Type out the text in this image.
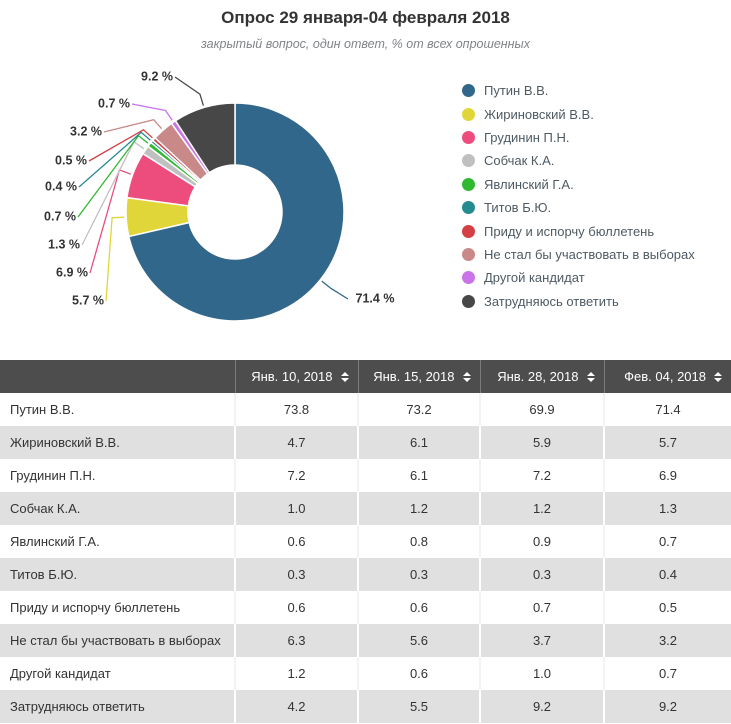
Опрос 29 января-04 февраля 2018
закрытый вопрос, один ответ, % от всех опрошенных
71.4 %
5.7 %
6.9 %
1.3 %
0.7 %
0.4 %
0.5 %
3.2 %
0.7 %
9.2 %
Путин В.В.
Жириновский В.В.
Грудинин П.Н.
Собчак К.А.
Явлинский Г.А.
Титов Б.Ю.
Приду и испорчу бюллетень
Не стал бы участвовать в выборах
Другой кандидат
Затрудняюсь ответить

	Янв. 10, 2018	Янв. 15, 2018	Янв. 28, 2018	Фев. 04, 2018

Путин В.В.	73.8	73.2	69.9	71.4
Жириновский В.В.	4.7	6.1	5.9	5.7
Грудинин П.Н.	7.2	6.1	7.2	6.9
Собчак К.А.	1.0	1.2	1.2	1.3
Явлинский Г.А.	0.6	0.8	0.9	0.7
Титов Б.Ю.	0.3	0.3	0.3	0.4
Приду и испорчу бюллетень	0.6	0.6	0.7	0.5
Не стал бы участвовать в выборах	6.3	5.6	3.7	3.2
Другой кандидат	1.2	0.6	1.0	0.7
Затрудняюсь ответить	4.2	5.5	9.2	9.2
